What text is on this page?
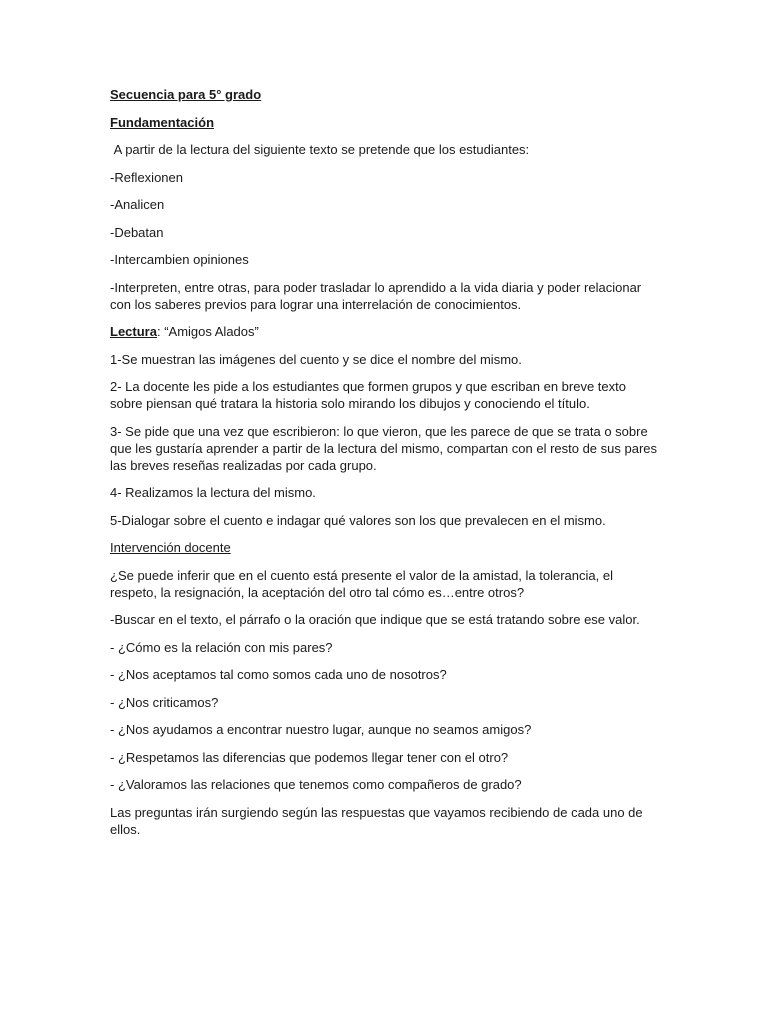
Secuencia para 5° grado

Fundamentación

A partir de la lectura del siguiente texto se pretende que los estudiantes:

-Reflexionen

-Analicen

-Debatan

-Intercambien opiniones

-Interpreten, entre otras, para poder trasladar lo aprendido a la vida diaria y poder relacionar con los saberes previos para lograr una interrelación de conocimientos.

Lectura: “Amigos Alados”

1-Se muestran las imágenes del cuento y se dice el nombre del mismo.

2- La docente les pide a los estudiantes que formen grupos y que escriban en breve texto sobre piensan qué tratara la historia solo mirando los dibujos y conociendo el título.

3- Se pide que una vez que escribieron: lo que vieron, que les parece de que se trata o sobre que les gustaría aprender a partir de la lectura del mismo, compartan con el resto de sus pares las breves reseñas realizadas por cada grupo.

4- Realizamos la lectura del mismo.

5-Dialogar sobre el cuento e indagar qué valores son los que prevalecen en el mismo.

Intervención docente

¿Se puede inferir que en el cuento está presente el valor de la amistad, la tolerancia, el respeto, la resignación, la aceptación del otro tal cómo es…entre otros?

-Buscar en el texto, el párrafo o la oración que indique que se está tratando sobre ese valor.

- ¿Cómo es la relación con mis pares?

- ¿Nos aceptamos tal como somos cada uno de nosotros?

- ¿Nos criticamos?

- ¿Nos ayudamos a encontrar nuestro lugar, aunque no seamos amigos?

- ¿Respetamos las diferencias que podemos llegar tener con el otro?

- ¿Valoramos las relaciones que tenemos como compañeros de grado?

Las preguntas irán surgiendo según las respuestas que vayamos recibiendo de cada uno de ellos.
